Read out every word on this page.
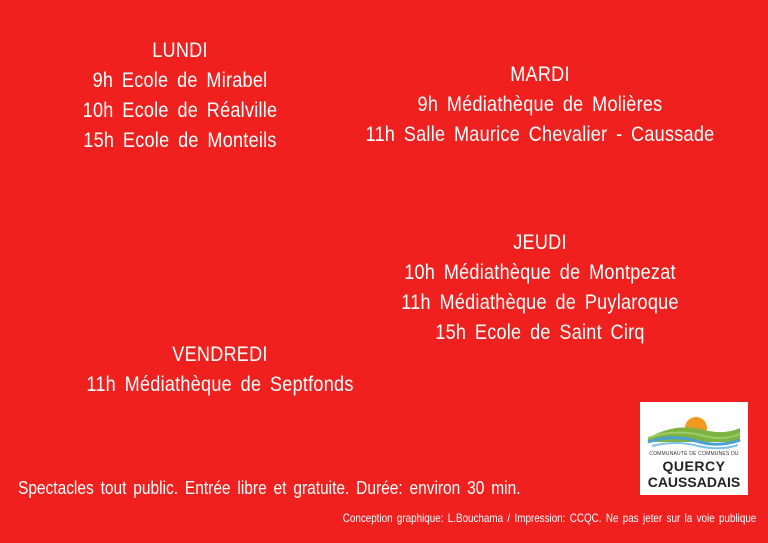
LUNDI
9h Ecole de Mirabel
10h Ecole de Réalville
15h Ecole de Monteils
MARDI
9h Médiathèque de Molières
11h Salle Maurice Chevalier - Caussade
JEUDI
10h Médiathèque de Montpezat
11h Médiathèque de Puylaroque
15h Ecole de Saint Cirq
VENDREDI
11h Médiathèque de Septfonds
COMMUNAUTÉ DE COMMUNES DU
QUERCY
CAUSSADAIS
Spectacles tout public. Entrée libre et gratuite. Durée: environ 30 min.
Conception graphique: L.Bouchama / Impression: CCQC. Ne pas jeter sur la voie publique
